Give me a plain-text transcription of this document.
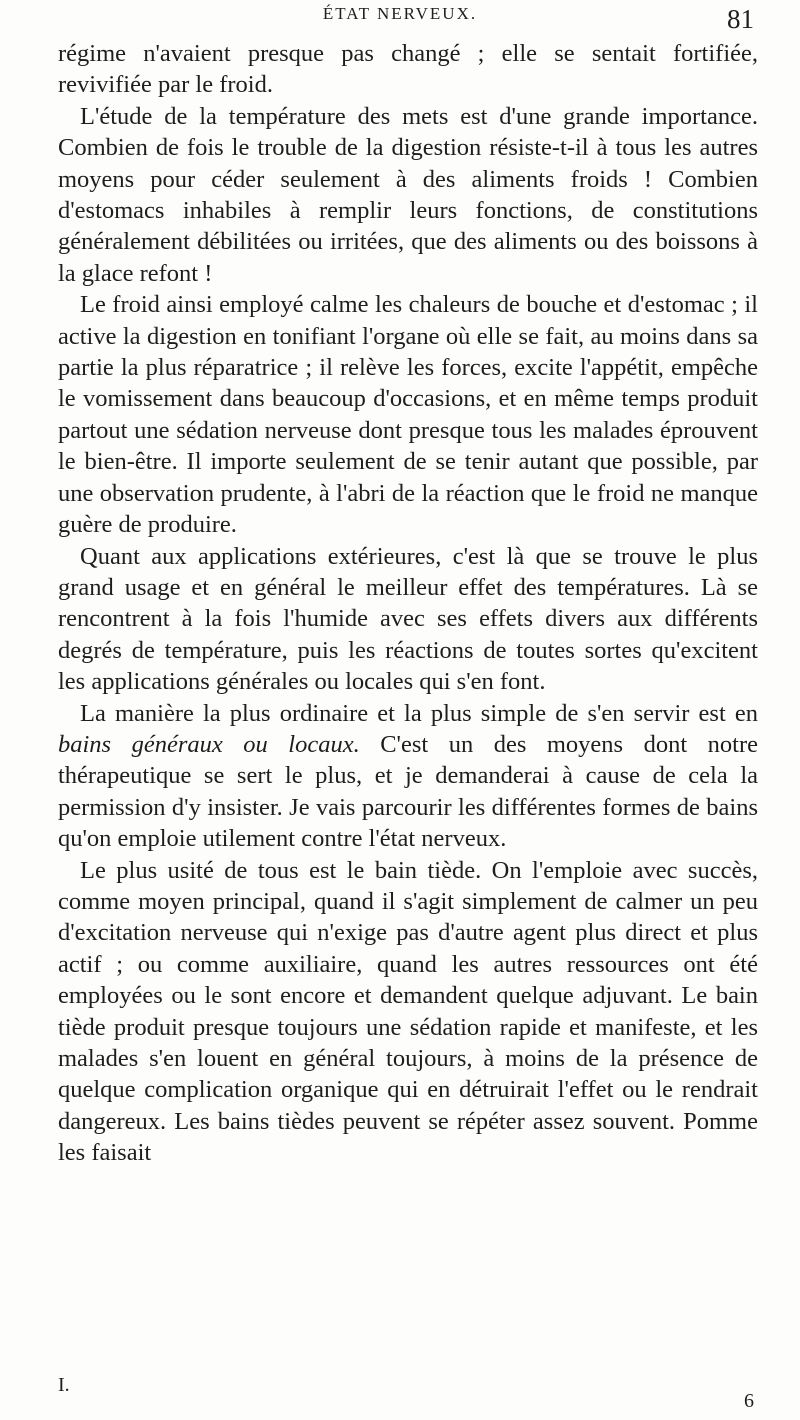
ÉTAT NERVEUX.	81

régime n'avaient presque pas changé ; elle se sentait fortifiée, revivifiée par le froid.

L'étude de la température des mets est d'une grande importance. Combien de fois le trouble de la digestion résiste-t-il à tous les autres moyens pour céder seulement à des aliments froids ! Combien d'estomacs inhabiles à remplir leurs fonctions, de constitutions généralement débilitées ou irritées, que des aliments ou des boissons à la glace refont !

Le froid ainsi employé calme les chaleurs de bouche et d'estomac ; il active la digestion en tonifiant l'organe où elle se fait, au moins dans sa partie la plus réparatrice ; il relève les forces, excite l'appétit, empêche le vomissement dans beaucoup d'occasions, et en même temps produit partout une sédation nerveuse dont presque tous les malades éprouvent le bien-être. Il importe seulement de se tenir autant que possible, par une observation prudente, à l'abri de la réaction que le froid ne manque guère de produire.

Quant aux applications extérieures, c'est là que se trouve le plus grand usage et en général le meilleur effet des températures. Là se rencontrent à la fois l'humide avec ses effets divers aux différents degrés de température, puis les réactions de toutes sortes qu'excitent les applications générales ou locales qui s'en font.

La manière la plus ordinaire et la plus simple de s'en servir est en bains généraux ou locaux. C'est un des moyens dont notre thérapeutique se sert le plus, et je demanderai à cause de cela la permission d'y insister. Je vais parcourir les différentes formes de bains qu'on emploie utilement contre l'état nerveux.

Le plus usité de tous est le bain tiède. On l'emploie avec succès, comme moyen principal, quand il s'agit simplement de calmer un peu d'excitation nerveuse qui n'exige pas d'autre agent plus direct et plus actif ; ou comme auxiliaire, quand les autres ressources ont été employées ou le sont encore et demandent quelque adjuvant. Le bain tiède produit presque toujours une sédation rapide et manifeste, et les malades s'en louent en général toujours, à moins de la présence de quelque complication organique qui en détruirait l'effet ou le rendrait dangereux. Les bains tièdes peuvent se répéter assez souvent. Pomme les faisait

I.
6
